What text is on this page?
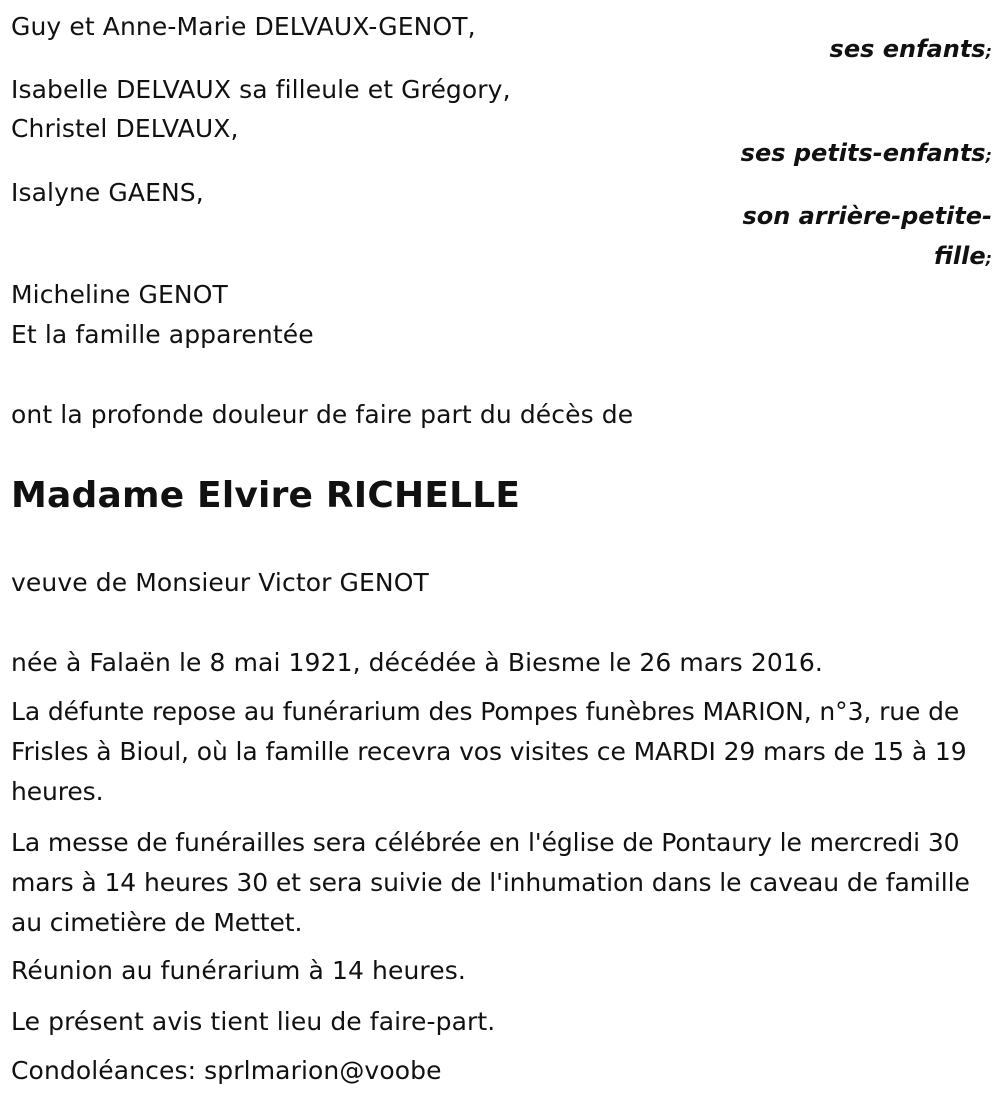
Guy et Anne-Marie DELVAUX-GENOT,
ses enfants;
Isabelle DELVAUX sa filleule et Grégory,
Christel DELVAUX,
ses petits-enfants;
Isalyne GAENS,
son arrière-petite-
fille;
Micheline GENOT
Et la famille apparentée
ont la profonde douleur de faire part du décès de
Madame Elvire RICHELLE
veuve de Monsieur Victor GENOT
née à Falaën le 8 mai 1921, décédée à Biesme le 26 mars 2016.
La défunte repose au funérarium des Pompes funèbres MARION, n°3, rue de Frisles à Bioul, où la famille recevra vos visites ce MARDI 29 mars de 15 à 19 heures.
La messe de funérailles sera célébrée en l'église de Pontaury le mercredi 30 mars à 14 heures 30 et sera suivie de l'inhumation dans le caveau de famille au cimetière de Mettet.
Réunion au funérarium à 14 heures.
Le présent avis tient lieu de faire-part.
Condoléances: sprlmarion@voobe
